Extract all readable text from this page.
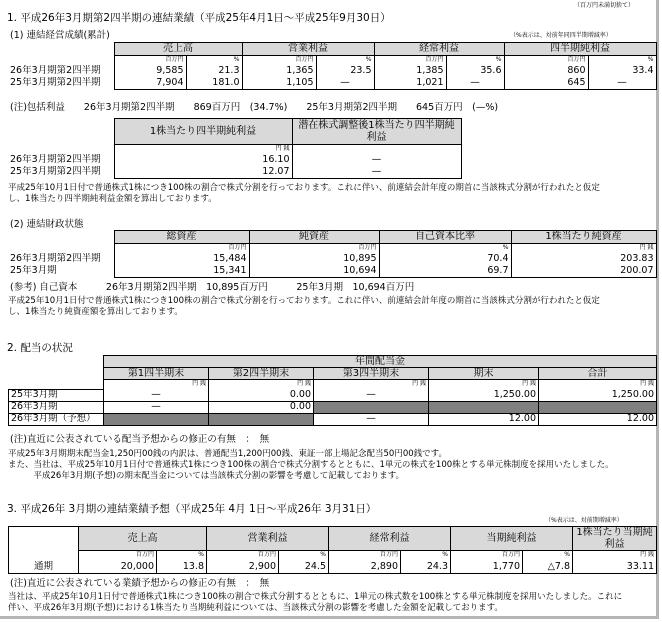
（百万円未満切捨て）
1. 平成26年3月期第2四半期の連結業績（平成25年4月1日～平成25年9月30日）
(1) 連結経営成績(累計)	（%表示は、対前年同四半期増減率）
	売上高		営業利益		経常利益		四半期純利益	
	百万円	%	百万円	%	百万円	%	百万円	%
26年3月期第2四半期	9,585	21.3	1,365	23.5	1,385	35.6	860	33.4
25年3月期第2四半期	7,904	181.0	1,105	—	1,021	—	645	—
(注)包括利益　　26年3月期第2四半期　　869百万円　(34.7%)　　25年3月期第2四半期　　645百万円　(—%)
	1株当たり四半期純利益	潜在株式調整後1株当たり四半期純利益
	円 銭	
26年3月期第2四半期	16.10	—
25年3月期第2四半期	12.07	—
平成25年10月1日付で普通株式1株につき100株の割合で株式分割を行っております。これに伴い、前連結会計年度の期首に当該株式分割が行われたと仮定
し、1株当たり四半期純利益金額を算出しております。
(2) 連結財政状態
	総資産	純資産	自己資本比率	1株当たり純資産
	百万円	百万円	%	円 銭
26年3月期第2四半期	15,484	10,895	70.4	203.83
25年3月期	15,341	10,694	69.7	200.07
(参考) 自己資本　　　26年3月期第2四半期　10,895百万円　　　25年3月期　10,694百万円
平成25年10月1日付で普通株式1株につき100株の割合で株式分割を行っております。これに伴い、前連結会計年度の期首に当該株式分割が行われたと仮定
し、1株当たり純資産額を算出しております。
2. 配当の状況
	年間配当金				
	第1四半期末	第2四半期末	第3四半期末	期末	合計
	円 銭	円 銭	円 銭	円 銭	円 銭
25年3月期	—	0.00	—	1,250.00	1,250.00
26年3月期	—	0.00			
26年3月期（予想）			—	12.00	12.00
(注)直近に公表されている配当予想からの修正の有無　：　無
平成25年3月期期末配当金1,250円00銭の内訳は、普通配当1,200円00銭、東証一部上場記念配当50円00銭です。
また、当社は、平成25年10月1日付で普通株式1株につき100株の割合で株式分割するとともに、1単元の株式を100株とする単元株制度を採用いたしました。
　　　平成26年3月期(予想)の期末配当金については当該株式分割の影響を考慮して記載しております。
3. 平成26年 3月期の連結業績予想（平成25年 4月 1日～平成26年 3月31日）
（%表示は、対前期増減率）
	売上高		営業利益		経常利益		当期純利益		1株当たり当期純利益
	百万円	%	百万円	%	百万円	%	百万円	%	円 銭
通期	20,000	13.8	2,900	24.5	2,890	24.3	1,770	△7.8	33.11
(注)直近に公表されている業績予想からの修正の有無　：　無
当社は、平成25年10月1日付で普通株式1株につき100株の割合で株式分割するとともに、1単元の株式数を100株とする単元株制度を採用いたしました。これに
伴い、平成26年3月期(予想)における1株当たり当期純利益については、当該株式分割の影響を考慮した金額を記載しております。
